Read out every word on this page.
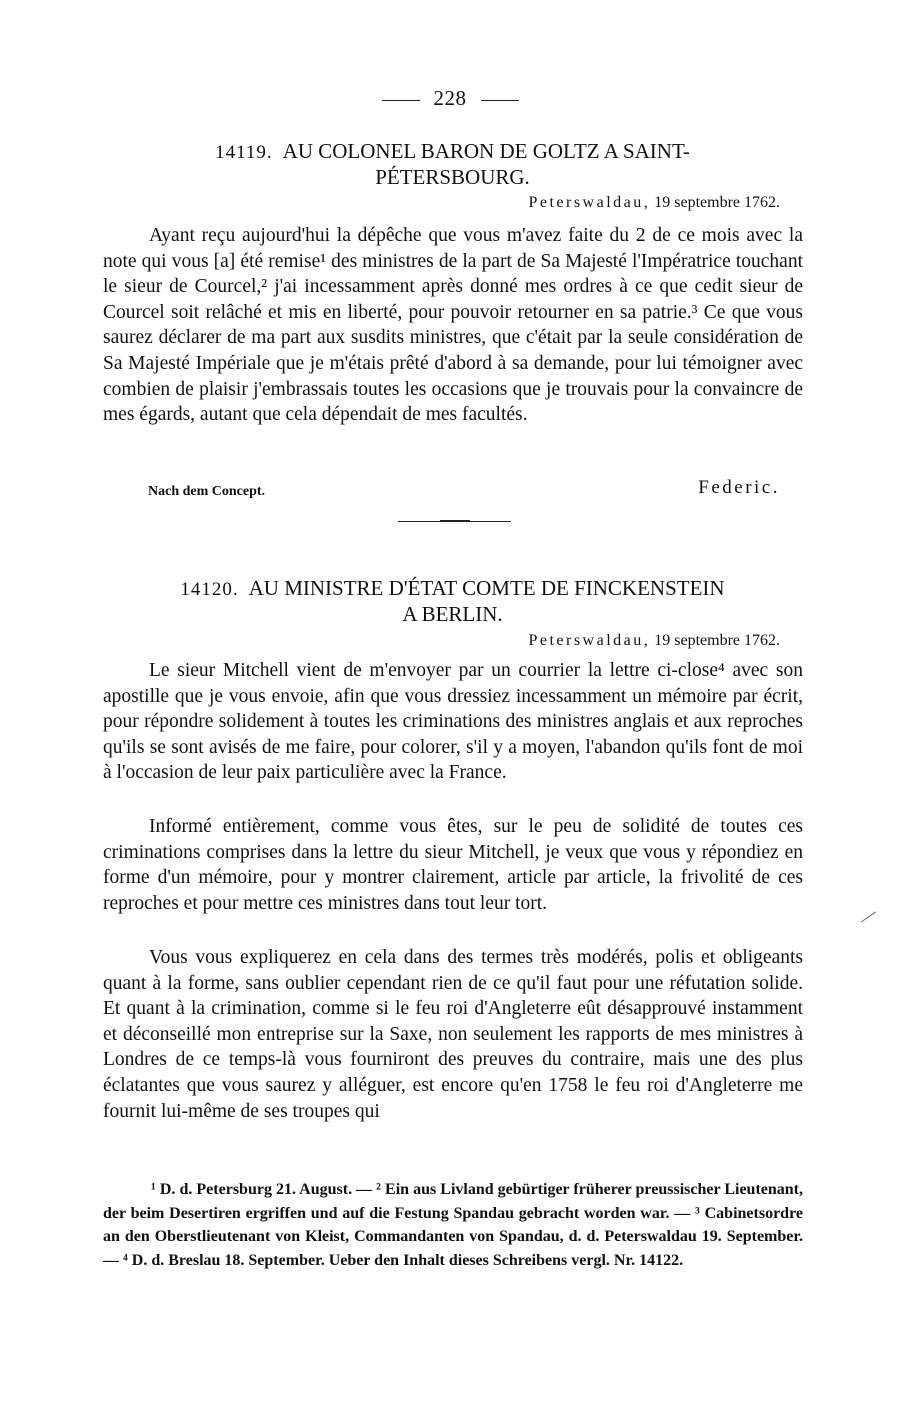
228
14119. AU COLONEL BARON DE GOLTZ A SAINT-
PÉTERSBOURG.
Peterswaldau, 19 septembre 1762.
Ayant reçu aujourd'hui la dépêche que vous m'avez faite du 2 de ce mois avec la note qui vous [a] été remise¹ des ministres de la part de Sa Majesté l'Impératrice touchant le sieur de Courcel,² j'ai incessamment après donné mes ordres à ce que cedit sieur de Courcel soit relâché et mis en liberté, pour pouvoir retourner en sa patrie.³ Ce que vous saurez déclarer de ma part aux susdits ministres, que c'était par la seule considération de Sa Majesté Impériale que je m'étais prêté d'abord à sa demande, pour lui témoigner avec combien de plaisir j'embrassais toutes les occasions que je trouvais pour la convaincre de mes égards, autant que cela dépendait de mes facultés.
Nach dem Concept.	Federic.
14120. AU MINISTRE D'ÉTAT COMTE DE FINCKENSTEIN
A BERLIN.
Peterswaldau, 19 septembre 1762.
Le sieur Mitchell vient de m'envoyer par un courrier la lettre ci-close⁴ avec son apostille que je vous envoie, afin que vous dressiez incessamment un mémoire par écrit, pour répondre solidement à toutes les criminations des ministres anglais et aux reproches qu'ils se sont avisés de me faire, pour colorer, s'il y a moyen, l'abandon qu'ils font de moi à l'occasion de leur paix particulière avec la France.
Informé entièrement, comme vous êtes, sur le peu de solidité de toutes ces criminations comprises dans la lettre du sieur Mitchell, je veux que vous y répondiez en forme d'un mémoire, pour y montrer clairement, article par article, la frivolité de ces reproches et pour mettre ces ministres dans tout leur tort.
Vous vous expliquerez en cela dans des termes très modérés, polis et obligeants quant à la forme, sans oublier cependant rien de ce qu'il faut pour une réfutation solide. Et quant à la crimination, comme si le feu roi d'Angleterre eût désapprouvé instamment et déconseillé mon entreprise sur la Saxe, non seulement les rapports de mes ministres à Londres de ce temps-là vous fourniront des preuves du contraire, mais une des plus éclatantes que vous saurez y alléguer, est encore qu'en 1758 le feu roi d'Angleterre me fournit lui-même de ses troupes qui
¹ D. d. Petersburg 21. August. — ² Ein aus Livland gebürtiger früherer preussischer Lieutenant, der beim Desertiren ergriffen und auf die Festung Spandau gebracht worden war. — ³ Cabinetsordre an den Oberstlieutenant von Kleist, Commandanten von Spandau, d. d. Peterswaldau 19. September. — ⁴ D. d. Breslau 18. September. Ueber den Inhalt dieses Schreibens vergl. Nr. 14122.
